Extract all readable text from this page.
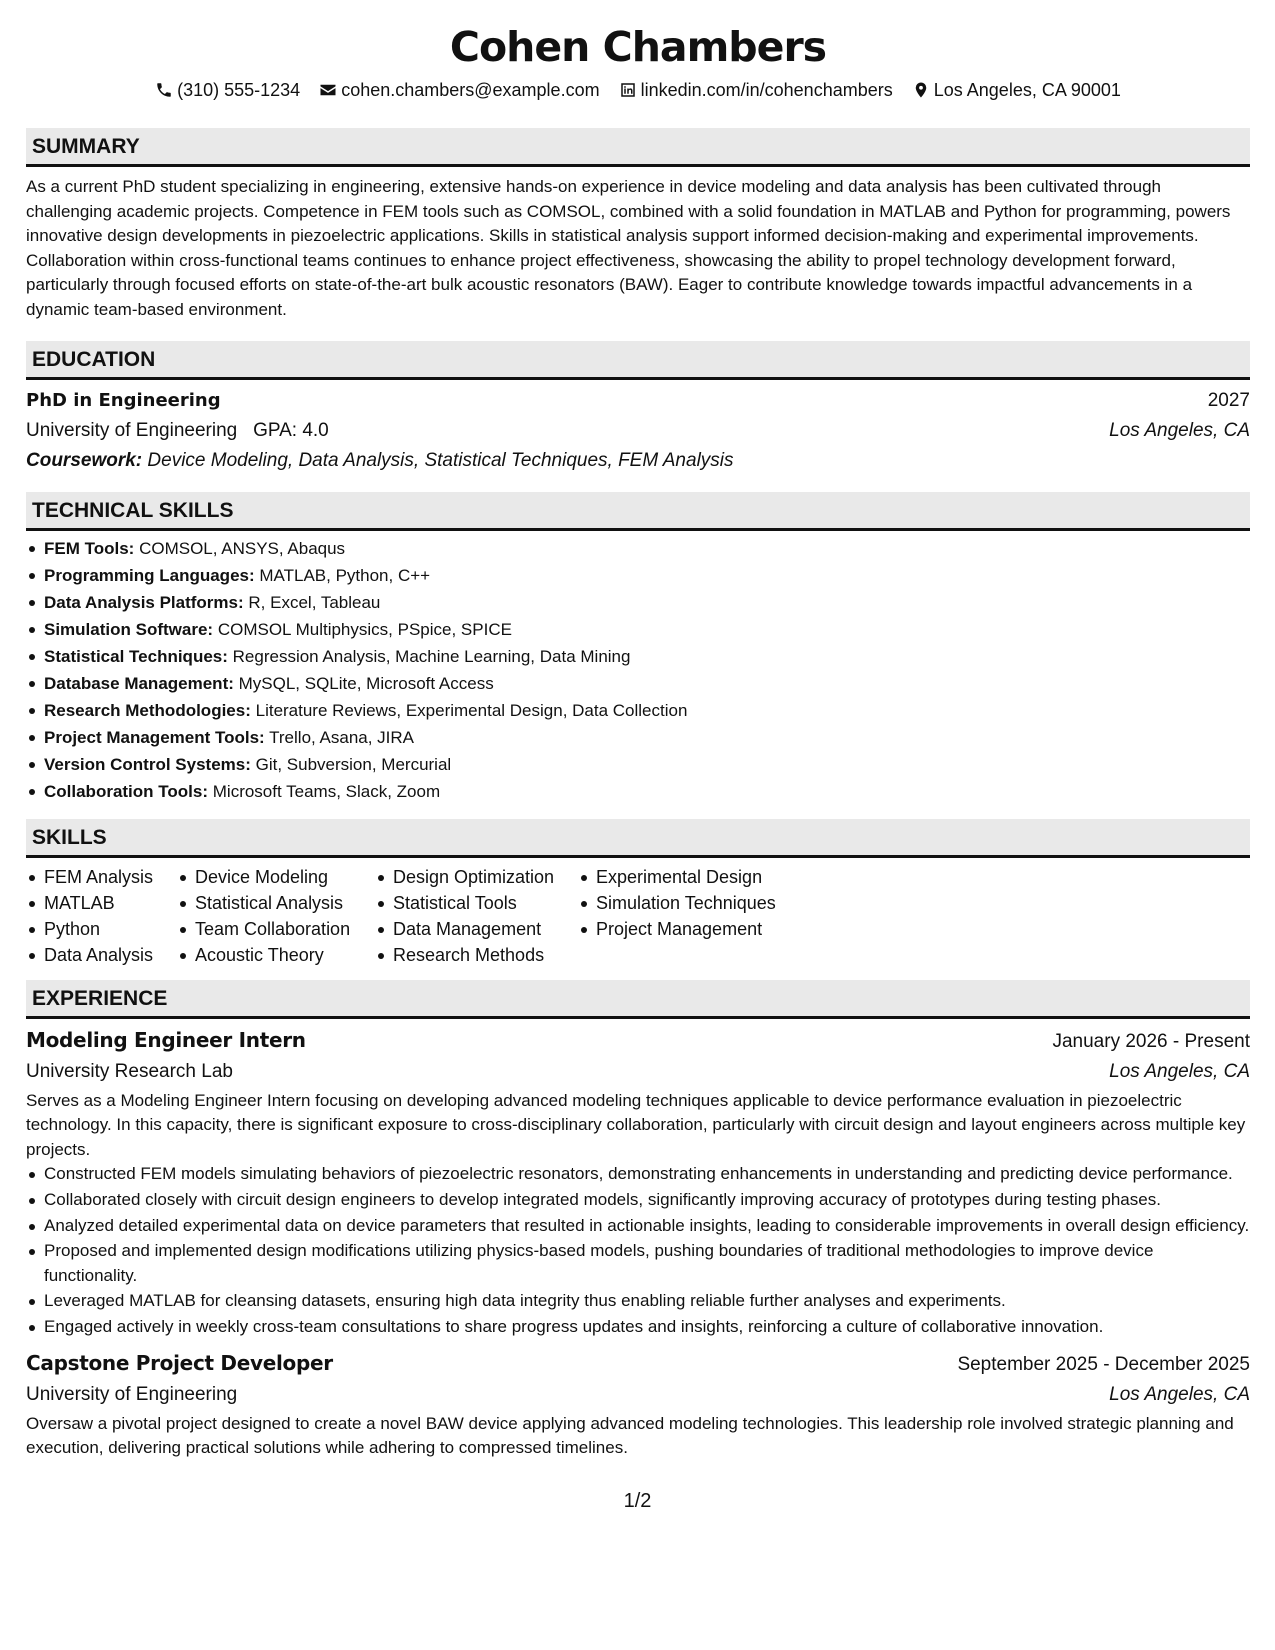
Cohen Chambers
(310) 555-1234
cohen.chambers@example.com
linkedin.com/in/cohenchambers
Los Angeles, CA 90001
SUMMARY

As a current PhD student specializing in engineering, extensive hands-on experience in device modeling and data analysis has been cultivated through challenging academic projects. Competence in FEM tools such as COMSOL, combined with a solid foundation in MATLAB and Python for programming, powers innovative design developments in piezoelectric applications. Skills in statistical analysis support informed decision-making and experimental improvements. Collaboration within cross-functional teams continues to enhance project effectiveness, showcasing the ability to propel technology development forward, particularly through focused efforts on state-of-the-art bulk acoustic resonators (BAW). Eager to contribute knowledge towards impactful advancements in a dynamic team-based environment.

EDUCATION
PhD in Engineering	2027
University of Engineering GPA: 4.0	Los Angeles, CA
Coursework: Device Modeling, Data Analysis, Statistical Techniques, FEM Analysis
TECHNICAL SKILLS
FEM Tools: COMSOL, ANSYS, Abaqus
Programming Languages: MATLAB, Python, C++
Data Analysis Platforms: R, Excel, Tableau
Simulation Software: COMSOL Multiphysics, PSpice, SPICE
Statistical Techniques: Regression Analysis, Machine Learning, Data Mining
Database Management: MySQL, SQLite, Microsoft Access
Research Methodologies: Literature Reviews, Experimental Design, Data Collection
Project Management Tools: Trello, Asana, JIRA
Version Control Systems: Git, Subversion, Mercurial
Collaboration Tools: Microsoft Teams, Slack, Zoom
SKILLS
FEM Analysis
MATLAB
Python
Data Analysis
Device Modeling
Statistical Analysis
Team Collaboration
Acoustic Theory
Design Optimization
Statistical Tools
Data Management
Research Methods
Experimental Design
Simulation Techniques
Project Management
EXPERIENCE
Modeling Engineer Intern	January 2026 - Present
University Research Lab	Los Angeles, CA

Serves as a Modeling Engineer Intern focusing on developing advanced modeling techniques applicable to device performance evaluation in piezoelectric technology. In this capacity, there is significant exposure to cross-disciplinary collaboration, particularly with circuit design and layout engineers across multiple key projects.

Constructed FEM models simulating behaviors of piezoelectric resonators, demonstrating enhancements in understanding and predicting device performance.
Collaborated closely with circuit design engineers to develop integrated models, significantly improving accuracy of prototypes during testing phases.
Analyzed detailed experimental data on device parameters that resulted in actionable insights, leading to considerable improvements in overall design efficiency.
Proposed and implemented design modifications utilizing physics-based models, pushing boundaries of traditional methodologies to improve device functionality.
Leveraged MATLAB for cleansing datasets, ensuring high data integrity thus enabling reliable further analyses and experiments.
Engaged actively in weekly cross-team consultations to share progress updates and insights, reinforcing a culture of collaborative innovation.
Capstone Project Developer	September 2025 - December 2025
University of Engineering	Los Angeles, CA

Oversaw a pivotal project designed to create a novel BAW device applying advanced modeling technologies. This leadership role involved strategic planning and execution, delivering practical solutions while adhering to compressed timelines.

1/2
